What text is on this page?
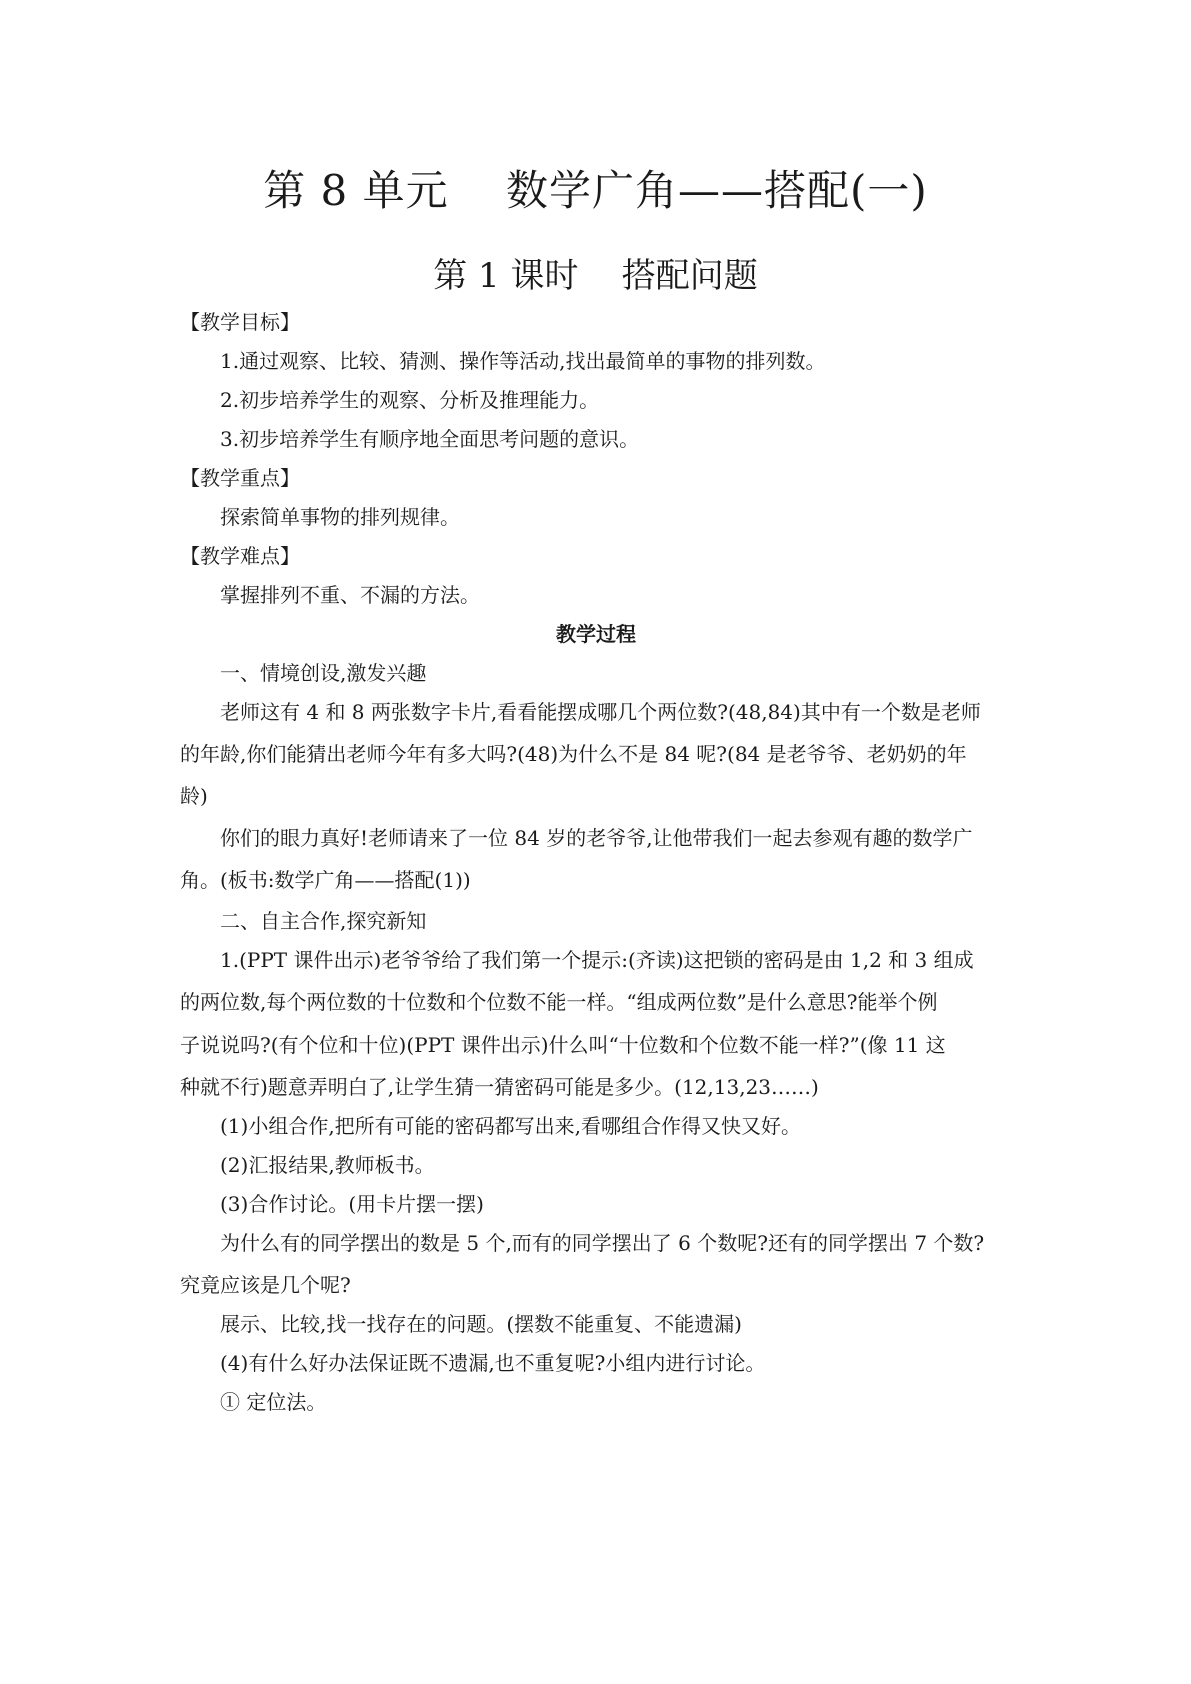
第 8 单元    数学广角——搭配(一)
第 1 课时    搭配问题
【教学目标】
1.通过观察、比较、猜测、操作等活动,找出最简单的事物的排列数。
2.初步培养学生的观察、分析及推理能力。
3.初步培养学生有顺序地全面思考问题的意识。
【教学重点】
探索简单事物的排列规律。
【教学难点】
掌握排列不重、不漏的方法。
教学过程
一、情境创设,激发兴趣
老师这有 4 和 8 两张数字卡片,看看能摆成哪几个两位数?(48,84)其中有一个数是老师
的年龄,你们能猜出老师今年有多大吗?(48)为什么不是 84 呢?(84 是老爷爷、老奶奶的年
龄)
你们的眼力真好!老师请来了一位 84 岁的老爷爷,让他带我们一起去参观有趣的数学广
角。(板书:数学广角——搭配(1))
二、自主合作,探究新知
1.(PPT 课件出示)老爷爷给了我们第一个提示:(齐读)这把锁的密码是由 1,2 和 3 组成
的两位数,每个两位数的十位数和个位数不能一样。“组成两位数”是什么意思?能举个例
子说说吗?(有个位和十位)(PPT 课件出示)什么叫“十位数和个位数不能一样?”(像 11 这
种就不行)题意弄明白了,让学生猜一猜密码可能是多少。(12,13,23……)
(1)小组合作,把所有可能的密码都写出来,看哪组合作得又快又好。
(2)汇报结果,教师板书。
(3)合作讨论。(用卡片摆一摆)
为什么有的同学摆出的数是 5 个,而有的同学摆出了 6 个数呢?还有的同学摆出 7 个数?
究竟应该是几个呢?
展示、比较,找一找存在的问题。(摆数不能重复、不能遗漏)
(4)有什么好办法保证既不遗漏,也不重复呢?小组内进行讨论。
① 定位法。
